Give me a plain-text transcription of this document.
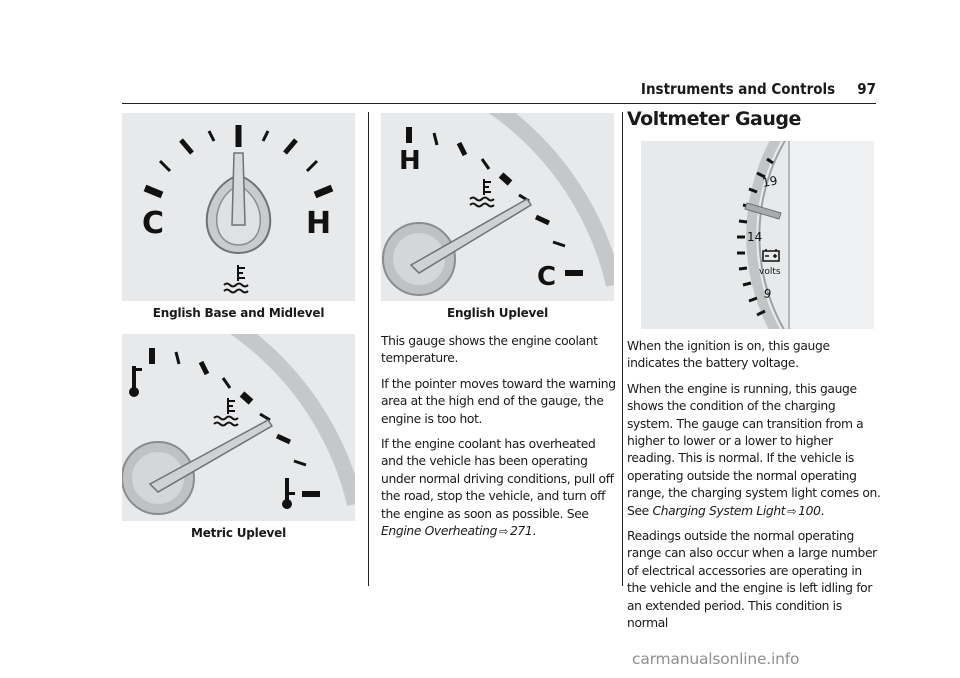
Instruments and Controls 97
C	H
English Base and Midlevel
Metric Uplevel
H
C
English Uplevel

This gauge shows the engine coolant temperature.

If the pointer moves toward the warning area at the high end of the gauge, the engine is too hot.

If the engine coolant has overheated and the vehicle has been operating under normal driving conditions, pull off the road, stop the vehicle, and turn off the engine as soon as possible. See Engine Overheating ⇨ 271.

Voltmeter Gauge
19
14
9
volts

When the ignition is on, this gauge indicates the battery voltage.

When the engine is running, this gauge shows the condition of the charging system. The gauge can transition from a higher to lower or a lower to higher reading. This is normal. If the vehicle is operating outside the normal operating range, the charging system light comes on. See Charging System Light ⇨ 100.

Readings outside the normal operating range can also occur when a large number of electrical accessories are operating in the vehicle and the engine is left idling for an extended period. This condition is normal

carmanualsonline.info
